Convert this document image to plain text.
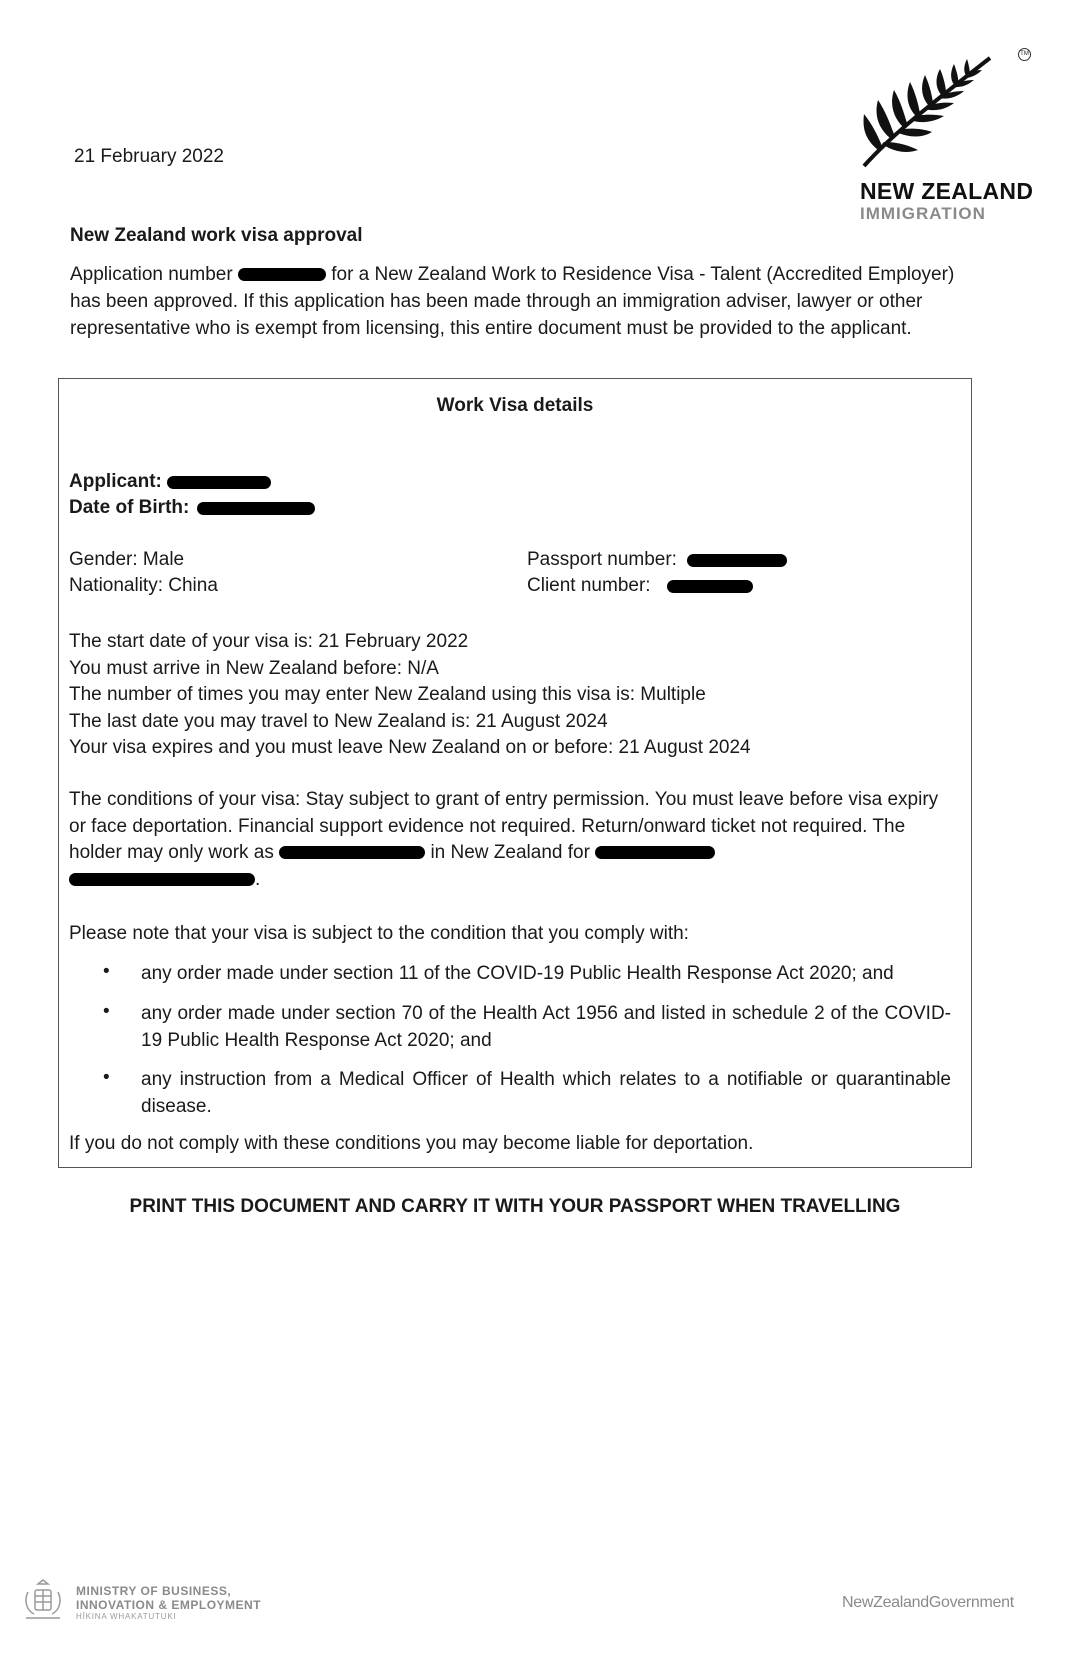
21 February 2022
TM
NEW ZEALAND
IMMIGRATION
New Zealand work visa approval
Application number	for a New Zealand Work to Residence Visa - Talent (Accredited Employer) has been approved. If this application has been made through an immigration adviser, lawyer or other representative who is exempt from licensing, this entire document must be provided to the applicant.
Work Visa details
Applicant:
Date of Birth:
Gender: Male
Nationality: China
Passport number:
Client number:
The start date of your visa is: 21 February 2022
You must arrive in New Zealand before: N/A
The number of times you may enter New Zealand using this visa is: Multiple
The last date you may travel to New Zealand is: 21 August 2024
Your visa expires and you must leave New Zealand on or before: 21 August 2024
The conditions of your visa: Stay subject to grant of entry permission. You must leave before visa expiry or face deportation. Financial support evidence not required. Return/onward ticket not required. The holder may only work as	in New Zealand for
.
Please note that your visa is subject to the condition that you comply with:
• any order made under section 11 of the COVID-19 Public Health Response Act 2020; and
• any order made under section 70 of the Health Act 1956 and listed in schedule 2 of the COVID-19 Public Health Response Act 2020; and
• any instruction from a Medical Officer of Health which relates to a notifiable or quarantinable disease.
If you do not comply with these conditions you may become liable for deportation.
PRINT THIS DOCUMENT AND CARRY IT WITH YOUR PASSPORT WHEN TRAVELLING
MINISTRY OF BUSINESS,
INNOVATION & EMPLOYMENT
HĪKINA WHAKATUTUKI
NewZealandGovernment
